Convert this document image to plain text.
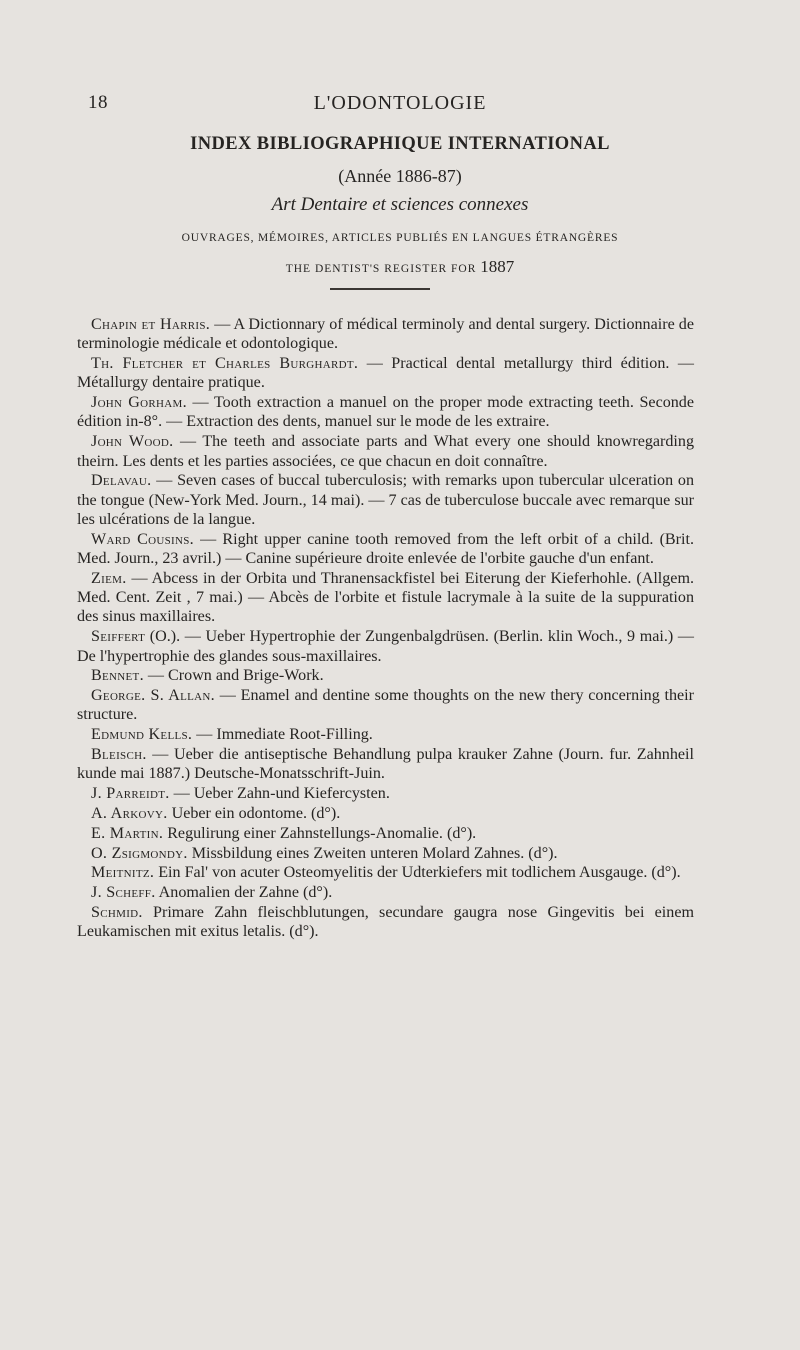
18	L'ODONTOLOGIE
INDEX BIBLIOGRAPHIQUE INTERNATIONAL
(Année 1886-87)
Art Dentaire et sciences connexes
OUVRAGES, MÉMOIRES, ARTICLES PUBLIÉS EN LANGUES ÉTRANGÈRES
THE DENTIST'S REGISTER FOR 1887

Chapin et Harris. — A Dictionnary of médical terminoly and dental surgery. Dictionnaire de terminologie médicale et odontologique.

Th. Fletcher et Charles Burghardt. — Practical dental metallurgy third édition. — Métallurgy dentaire pratique.

John Gorham. — Tooth extraction a manuel on the proper mode extracting teeth. Seconde édition in-8°. — Extraction des dents, manuel sur le mode de les extraire.

John Wood. — The teeth and associate parts and What every one should knowregarding theirn. Les dents et les parties associées, ce que chacun en doit connaître.

Delavau. — Seven cases of buccal tuberculosis; with remarks upon tubercular ulceration on the tongue (New-York Med. Journ., 14 mai). — 7 cas de tuberculose buccale avec remarque sur les ulcérations de la langue.

Ward Cousins. — Right upper canine tooth removed from the left orbit of a child. (Brit. Med. Journ., 23 avril.) — Canine supérieure droite enlevée de l'orbite gauche d'un enfant.

Ziem. — Abcess in der Orbita und Thranensackfistel bei Eiterung der Kieferhohle. (Allgem. Med. Cent. Zeit , 7 mai.) — Abcès de l'orbite et fistule lacrymale à la suite de la suppuration des sinus maxillaires.

Seiffert (O.). — Ueber Hypertrophie der Zungenbalgdrüsen. (Berlin. klin Woch., 9 mai.) — De l'hypertrophie des glandes sous-maxillaires.

Bennet. — Crown and Brige-Work.

George. S. Allan. — Enamel and dentine some thoughts on the new thery concerning their structure.

Edmund Kells. — Immediate Root-Filling.

Bleisch. — Ueber die antiseptische Behandlung pulpa krauker Zahne (Journ. fur. Zahnheil kunde mai 1887.) Deutsche-Monatsschrift-Juin.

J. Parreidt. — Ueber Zahn-und Kiefercysten.

A. Arkovy. Ueber ein odontome. (d°).

E. Martin. Regulirung einer Zahnstellungs-Anomalie. (d°).

O. Zsigmondy. Missbildung eines Zweiten unteren Molard Zahnes. (d°).

Meitnitz. Ein Fal' von acuter Osteomyelitis der Udterkiefers mit todlichem Ausgauge. (d°).

J. Scheff. Anomalien der Zahne (d°).

Schmid. Primare Zahn fleischblutungen, secundare gaugra nose Gingevitis bei einem Leukamischen mit exitus letalis. (d°).
